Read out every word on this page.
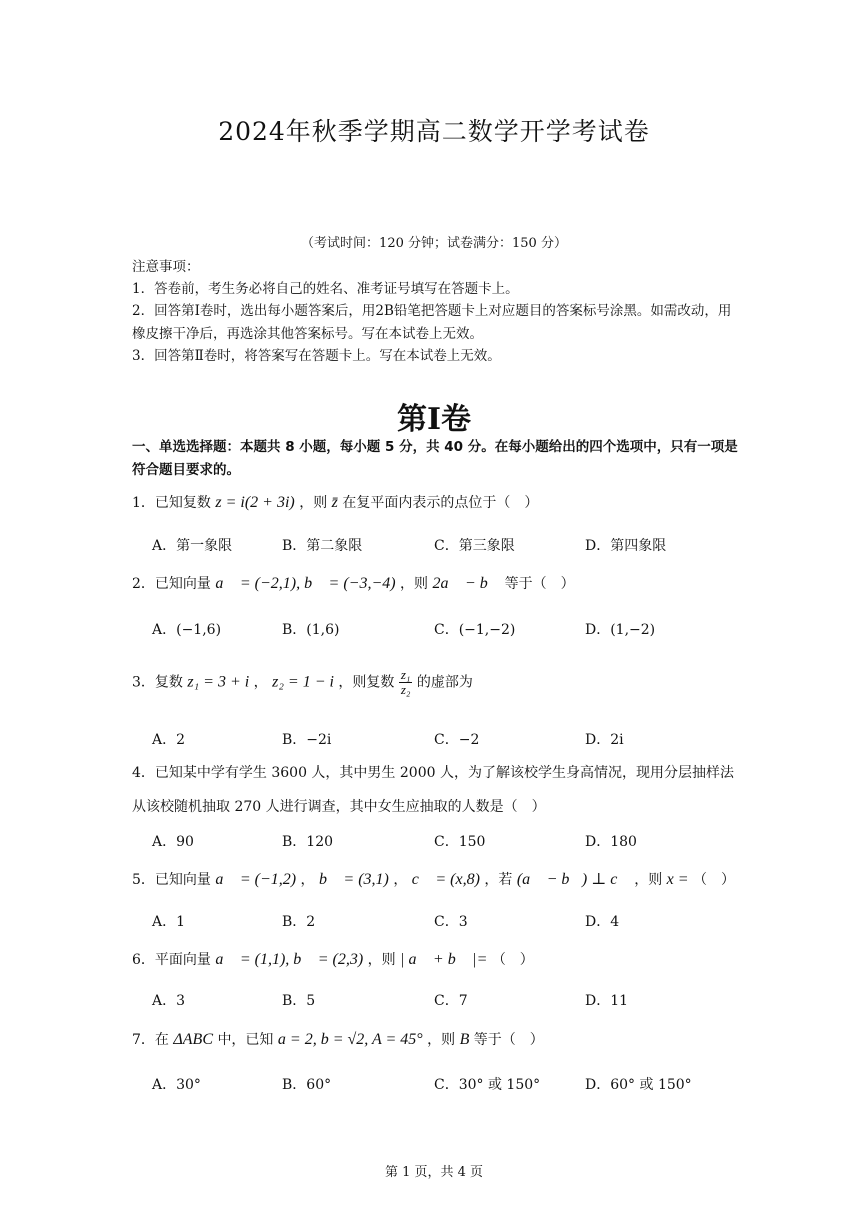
2024年秋季学期高二数学开学考试卷
（考试时间：120 分钟；试卷满分：150 分）
注意事项：
1．答卷前，考生务必将自己的姓名、准考证号填写在答题卡上。
2．回答第Ⅰ卷时，选出每小题答案后，用2B铅笔把答题卡上对应题目的答案标号涂黑。如需改动，用橡皮擦干净后，再选涂其他答案标号。写在本试卷上无效。
3．回答第Ⅱ卷时，将答案写在答题卡上。写在本试卷上无效。
第Ⅰ卷
一、单选选择题：本题共 8 小题，每小题 5 分，共 40 分。在每小题给出的四个选项中，只有一项是符合题目要求的。
1．已知复数 z = i(2 + 3i) ，则 z̄ 在复平面内表示的点位于（　）
A．第一象限	B．第二象限	C．第三象限	D．第四象限
2．已知向量 a⃗ = (−2,1), b⃗ = (−3,−4) ，则 2a⃗ − b⃗ 等于（　）
A．(−1,6)	B．(1,6)	C．(−1,−2)	D．(1,−2)
3．复数 z₁ = 3 + i ， z₂ = 1 − i ，则复数 $\frac{\text{z₁}}{\text{z₂}}$ 的虚部为
A．2	B．−2i	C．−2	D．2i
4．已知某中学有学生 3600 人，其中男生 2000 人，为了解该校学生身高情况，现用分层抽样法从该校随机抽取 270 人进行调查，其中女生应抽取的人数是（　）
A．90	B．120	C．150	D．180
5．已知向量 a⃗ = (−1,2) ， b⃗ = (3,1) ， c⃗ = (x,8) ，若 (a⃗ − b⃗) ⊥ c⃗ ，则 x = （　）
A．1	B．2	C．3	D．4
6．平面向量 a⃗ = (1,1), b⃗ = (2,3) ，则 | a⃗ + b⃗ |= （　）
A．3	B．5	C．7	D．11
7．在 ΔABC 中，已知 a = 2, b = √2, A = 45° ，则 B 等于（　）
A．30°	B．60°	C．30° 或 150°	D．60° 或 150°
第 1 页，共 4 页
